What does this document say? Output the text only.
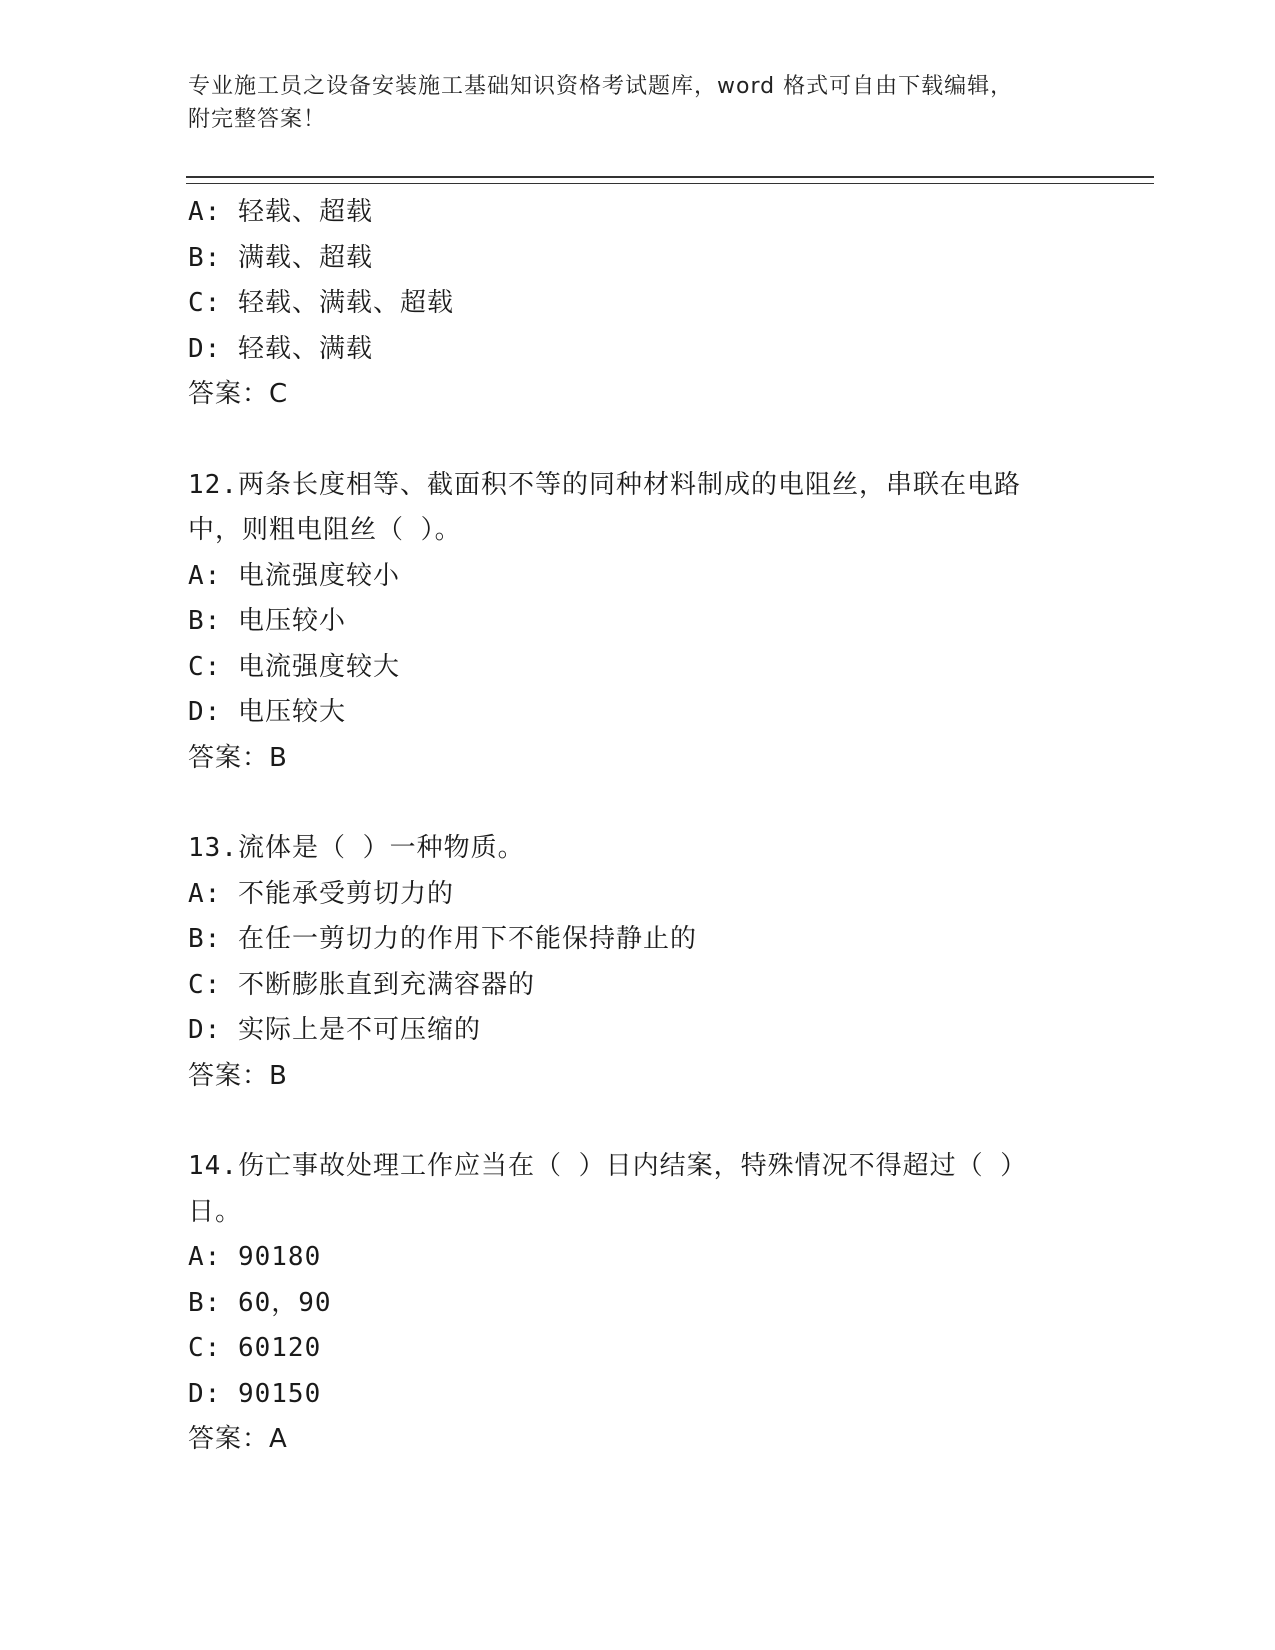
专业施工员之设备安装施工基础知识资格考试题库，word 格式可自由下载编辑，
附完整答案！
A: 轻载、超载
B: 满载、超载
C: 轻载、满载、超载
D: 轻载、满载
答案：C
12.两条长度相等、截面积不等的同种材料制成的电阻丝，串联在电路
中，则粗电阻丝（ ）。
A: 电流强度较小
B: 电压较小
C: 电流强度较大
D: 电压较大
答案：B
13.流体是（ ）一种物质。
A: 不能承受剪切力的
B: 在任一剪切力的作用下不能保持静止的
C: 不断膨胀直到充满容器的
D: 实际上是不可压缩的
答案：B
14.伤亡事故处理工作应当在（ ）日内结案，特殊情况不得超过（ ）
日。
A: 90180
B: 60，90
C: 60120
D: 90150
答案：A
